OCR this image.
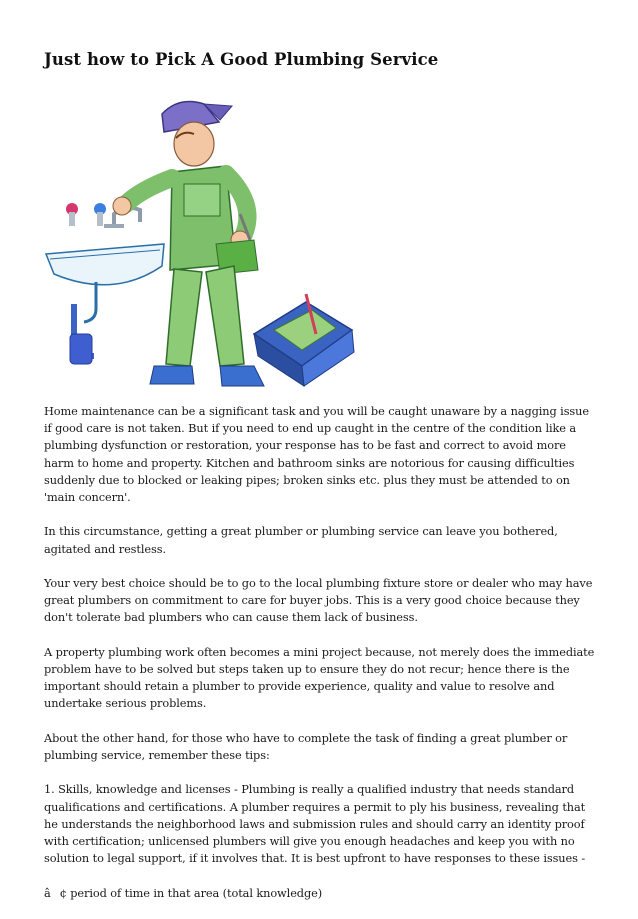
Just how to Pick A Good Plumbing Service

Home maintenance can be a significant task and you will be caught unaware by a nagging issue if good care is not taken. But if you need to end up caught in the centre of the condition like a plumbing dysfunction or restoration, your response has to be fast and correct to avoid more harm to home and property. Kitchen and bathroom sinks are notorious for causing difficulties suddenly due to blocked or leaking pipes; broken sinks etc. plus they must be attended to on 'main concern'.

In this circumstance, getting a great plumber or plumbing service can leave you bothered, agitated and restless.

Your very best choice should be to go to the local plumbing fixture store or dealer who may have great plumbers on commitment to care for buyer jobs. This is a very good choice because they don't tolerate bad plumbers who can cause them lack of business.

A property plumbing work often becomes a mini project because, not merely does the immediate problem have to be solved but steps taken up to ensure they do not recur; hence there is the important should retain a plumber to provide experience, quality and value to resolve and undertake serious problems.

About the other hand, for those who have to complete the task of finding a great plumber or plumbing service, remember these tips:

1. Skills, knowledge and licenses - Plumbing is really a qualified industry that needs standard qualifications and certifications. A plumber requires a permit to ply his business, revealing that he understands the neighborhood laws and submission rules and should carry an identity proof with certification; unlicensed plumbers will give you enough headaches and keep you with no solution to legal support, if it involves that. It is best upfront to have responses to these issues -

â¢ period of time in that area (total knowledge)
